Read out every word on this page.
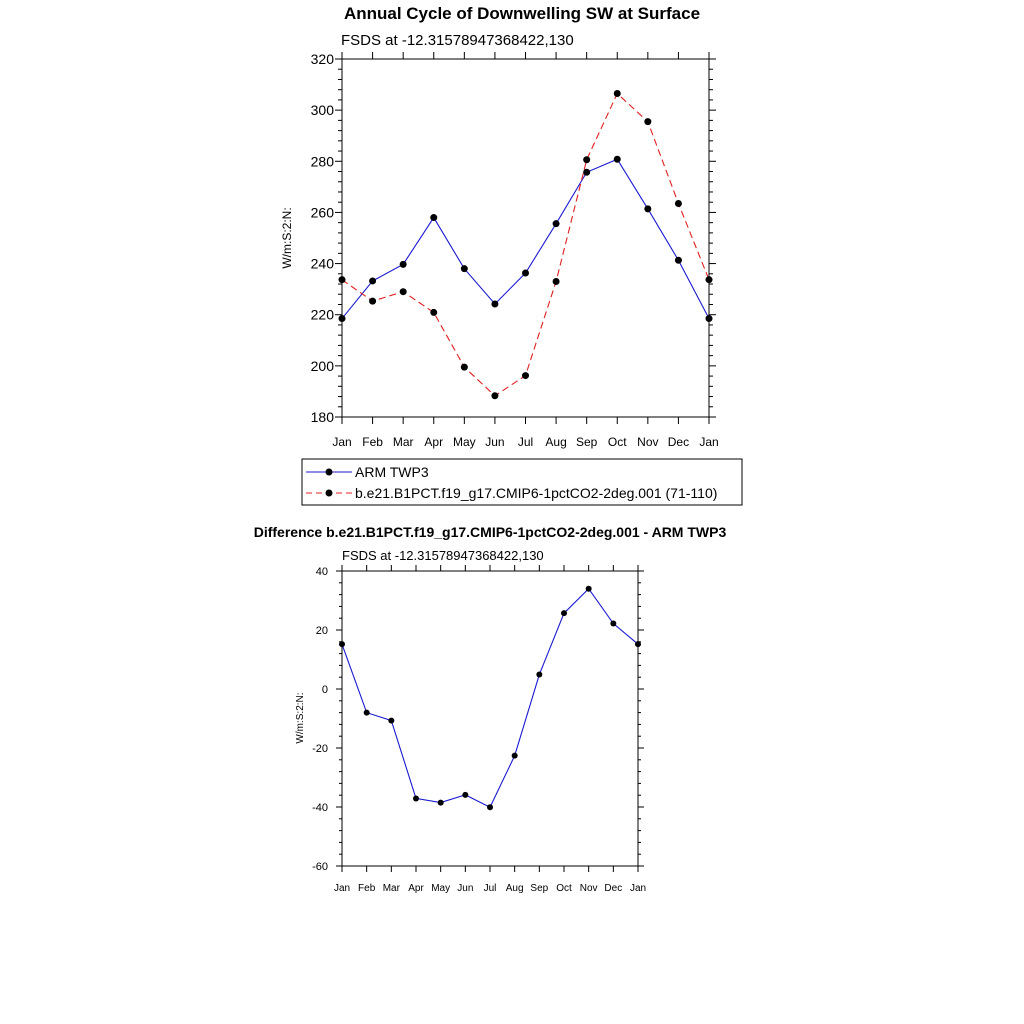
Annual Cycle of Downwelling SW at Surface
FSDS at -12.31578947368422,130
W/m:S:2:N:
180
200
220
240
260
280
300
320
Jan Feb Mar Apr May Jun Jul Aug Sep Oct Nov Dec Jan
ARM TWP3
b.e21.B1PCT.f19_g17.CMIP6-1pctCO2-2deg.001 (71-110)
Difference b.e21.B1PCT.f19_g17.CMIP6-1pctCO2-2deg.001 - ARM TWP3
FSDS at -12.31578947368422,130
W/m:S:2:N:
-60
-40
-20
0
20
40
Jan Feb Mar Apr May Jun Jul Aug Sep Oct Nov Dec Jan
